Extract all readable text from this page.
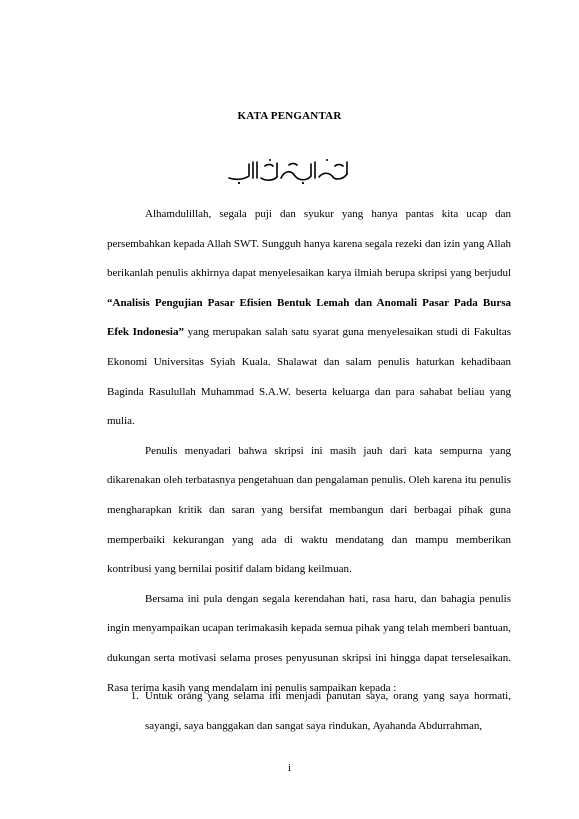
KATA PENGANTAR

Alhamdulillah, segala puji dan syukur yang hanya pantas kita ucap dan persembahkan kepada Allah SWT. Sungguh hanya karena segala rezeki dan izin yang Allah berikanlah penulis akhirnya dapat menyelesaikan karya ilmiah berupa skripsi yang berjudul “Analisis Pengujian Pasar Efisien Bentuk Lemah dan Anomali Pasar Pada Bursa Efek Indonesia” yang merupakan salah satu syarat guna menyelesaikan studi di Fakultas Ekonomi Universitas Syiah Kuala. Shalawat dan salam penulis haturkan kehadibaan Baginda Rasulullah Muhammad S.A.W. beserta keluarga dan para sahabat beliau yang mulia.

Penulis menyadari bahwa skripsi ini masih jauh dari kata sempurna yang dikarenakan oleh terbatasnya pengetahuan dan pengalaman penulis. Oleh karena itu penulis mengharapkan kritik dan saran yang bersifat membangun dari berbagai pihak guna memperbaiki kekurangan yang ada di waktu mendatang dan mampu memberikan kontribusi yang bernilai positif dalam bidang keilmuan.

Bersama ini pula dengan segala kerendahan hati, rasa haru, dan bahagia penulis ingin menyampaikan ucapan terimakasih kepada semua pihak yang telah memberi bantuan, dukungan serta motivasi selama proses penyusunan skripsi ini hingga dapat terselesaikan. Rasa terima kasih yang mendalam ini penulis sampaikan kepada :

1. Untuk orang yang selama ini menjadi panutan saya, orang yang saya hormati, sayangi, saya banggakan dan sangat saya rindukan, Ayahanda Abdurrahman,
i
